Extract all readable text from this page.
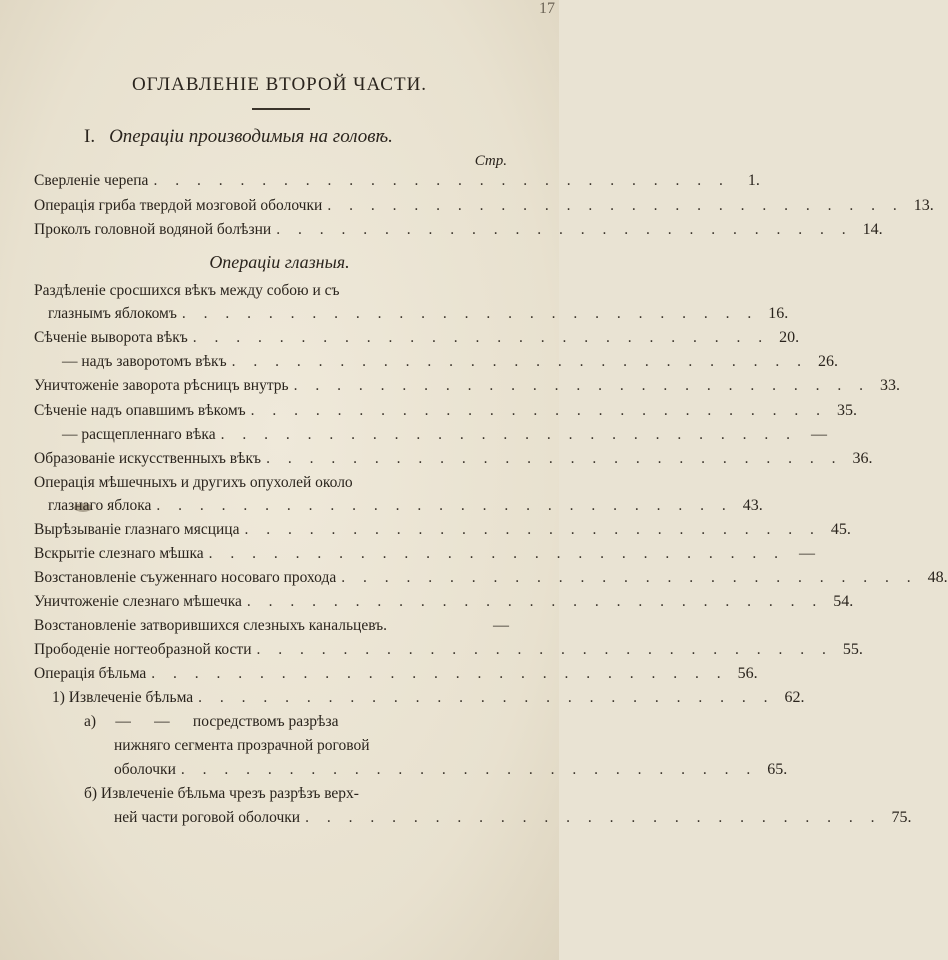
17
ОГЛАВЛЕНІЕ ВТОРОЙ ЧАСТИ.
I. Операціи производимыя на головѣ.
Стр.
Операціи глазныя.
Сверленіе черепа . . . . . . . . . . . . . . . . . . . . . . . . . . .	1.
Операція гриба твердой мозговой оболочки . . . . . . . . . . . . . . . . . . . . . . . . . . . 13.
Проколъ головной водяной болѣзни . . . . . . . . . . . . . . . . . . . . . . . . . . . 14.
Раздѣленіе сросшихся вѣкъ между собою и съ
глазнымъ яблокомъ . . . . . . . . . . . . . . . . . . . . . . . . . . . 16.
Сѣченіе выворота вѣкъ . . . . . . . . . . . . . . . . . . . . . . . . . . . 20.
— надъ заворотомъ вѣкъ . . . . . . . . . . . . . . . . . . . . . . . . . . . 26.
Уничтоженіе заворота рѣсницъ внутрь . . . . . . . . . . . . . . . . . . . . . . . . . . . 33.
Сѣченіе надъ опавшимъ вѣкомъ . . . . . . . . . . . . . . . . . . . . . . . . . . . 35.
— расщепленнаго вѣка . . . . . . . . . . . . . . . . . . . . . . . . . . . —
Образованіе искусственныхъ вѣкъ . . . . . . . . . . . . . . . . . . . . . . . . . . . 36.
Операція мѣшечныхъ и другихъ опухолей около
глазнаго яблока . . . . . . . . . . . . . . . . . . . . . . . . . . . 43.
Вырѣзываніе глазнаго мясцица . . . . . . . . . . . . . . . . . . . . . . . . . . . 45.
Вскрытіе слезнаго мѣшка . . . . . . . . . . . . . . . . . . . . . . . . . . . —
Возстановленіе съуженнаго носоваго прохода . . . . . . . . . . . . . . . . . . . . . . . . . . . 48.
Уничтоженіе слезнаго мѣшечка . . . . . . . . . . . . . . . . . . . . . . . . . . . 54.
Возстановленіе затворившихся слезныхъ канальцевъ.	—
Прободеніе ногтеобразной кости . . . . . . . . . . . . . . . . . . . . . . . . . . . 55.
Операція бѣльма . . . . . . . . . . . . . . . . . . . . . . . . . . . 56.
1) Извлеченіе бѣльма . . . . . . . . . . . . . . . . . . . . . . . . . . . 62.
а)     —      —      посредствомъ разрѣза
нижняго сегмента прозрачной роговой
оболочки . . . . . . . . . . . . . . . . . . . . . . . . . . . 65.
б) Извлеченіе бѣльма чрезъ разрѣзъ верх-
ней части роговой оболочки . . . . . . . . . . . . . . . . . . . . . . . . . . . 75.
